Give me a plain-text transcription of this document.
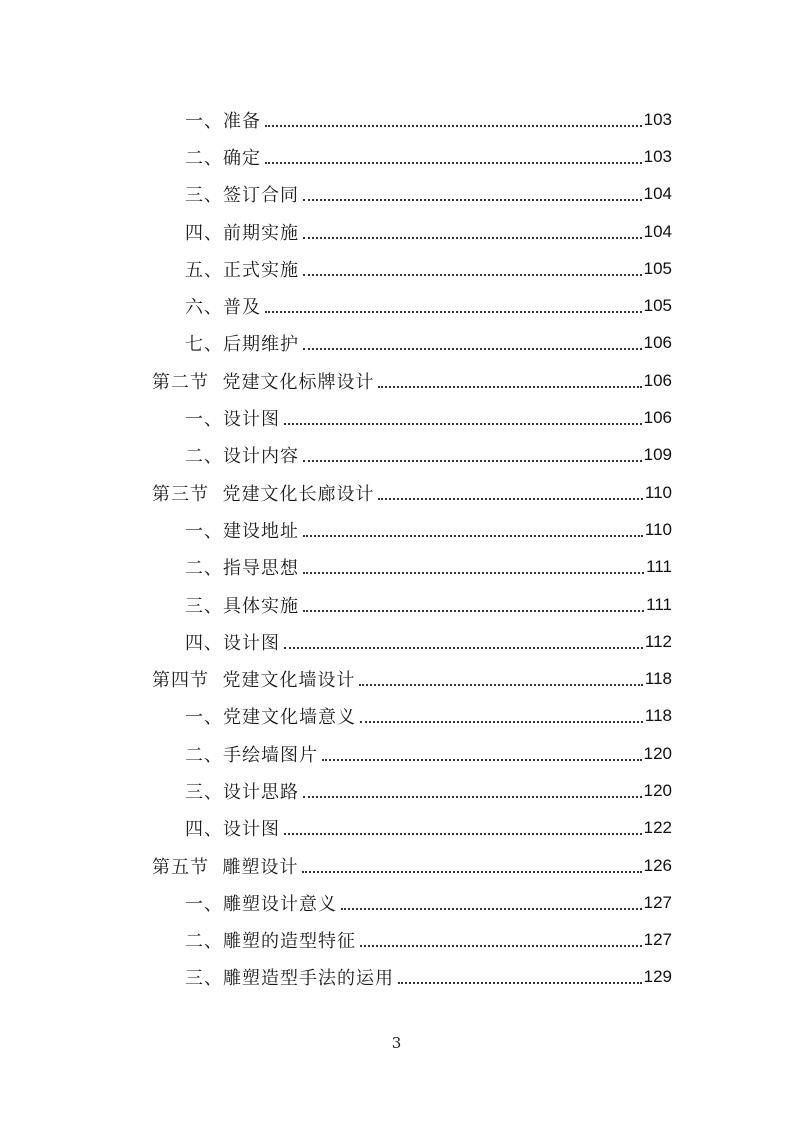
一、准备	103
二、确定	103
三、签订合同	104
四、前期实施	104
五、正式实施	105
六、普及	105
七、后期维护	106
第二节  党建文化标牌设计	106
一、设计图	106
二、设计内容	109
第三节  党建文化长廊设计	110
一、建设地址	110
二、指导思想	111
三、具体实施	111
四、设计图	112
第四节  党建文化墙设计	118
一、党建文化墙意义	118
二、手绘墙图片	120
三、设计思路	120
四、设计图	122
第五节  雕塑设计	126
一、雕塑设计意义	127
二、雕塑的造型特征	127
三、雕塑造型手法的运用	129
3
